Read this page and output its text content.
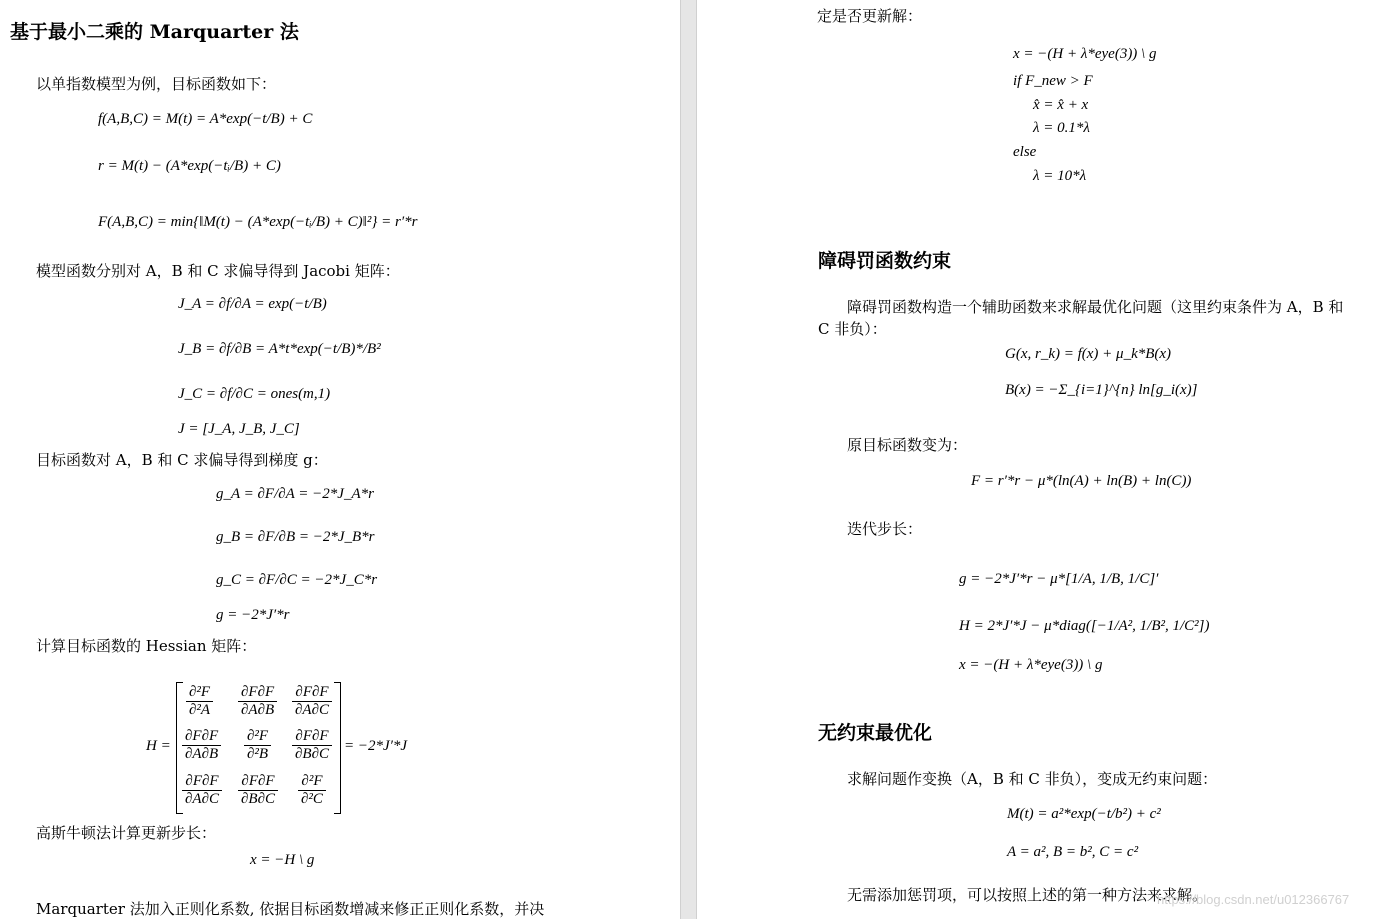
基于最小二乘的 Marquarter 法
以单指数模型为例，目标函数如下：
f(A,B,C) = M(t) = A*exp(−t/B) + C
r = M(t) − (A*exp(−tᵢ/B) + C)
F(A,B,C) = min{‖M(t) − (A*exp(−tᵢ/B) + C)‖²} = r′*r
模型函数分别对 A，B 和 C 求偏导得到 Jacobi 矩阵：
J_A = ∂f/∂A = exp(−t/B)
J_B = ∂f/∂B = A*t*exp(−t/B)*/B²
J_C = ∂f/∂C = ones(m,1)
J = [J_A, J_B, J_C]
目标函数对 A，B 和 C 求偏导得到梯度 g：
g_A = ∂F/∂A = −2*J_A*r
g_B = ∂F/∂B = −2*J_B*r
g_C = ∂F/∂C = −2*J_C*r
g = −2*J′*r
计算目标函数的 Hessian 矩阵：
H =
$\frac{\text{∂²F}}{\text{∂²A}} \frac{\partial F\partial F}{\partial A\partial B} \frac{\partial F\partial F}{\partial A\partial C}$
$\frac{\partial F\partial F}{\partial A\partial B} \frac{\text{∂²F}}{\text{∂²B}} \frac{\partial F\partial F}{\partial B\partial C}$
$\frac{\partial F\partial F}{\partial A\partial C} \frac{\partial F\partial F}{\partial B\partial C} \frac{\text{∂²F}}{\text{∂²C}}$
= −2*J′*J
高斯牛顿法计算更新步长：
x = −H \ g
Marquarter 法加入正则化系数, 依据目标函数增减来修正正则化系数，并决
定是否更新解：
x = −(H + λ*eye(3)) \ g
if F_new > F
x̂ = x̂ + x
λ = 0.1*λ
else
λ = 10*λ
障碍罚函数约束
障碍罚函数构造一个辅助函数来求解最优化问题（这里约束条件为 A，B 和
C 非负）：
G(x, r_k) = f(x) + μ_k*B(x)
B(x) = −Σ_{i=1}^{n} ln[g_i(x)]
原目标函数变为：
F = r′*r − μ*(ln(A) + ln(B) + ln(C))
迭代步长：
g = −2*J′*r − μ*[1/A, 1/B, 1/C]′
H = 2*J′*J − μ*diag([−1/A², 1/B², 1/C²])
x = −(H + λ*eye(3)) \ g
无约束最优化
求解问题作变换（A，B 和 C 非负），变成无约束问题：
M(t) = a²*exp(−t/b²) + c²
A = a², B = b², C = c²
无需添加惩罚项，可以按照上述的第一种方法来求解。
https://blog.csdn.net/u012366767
